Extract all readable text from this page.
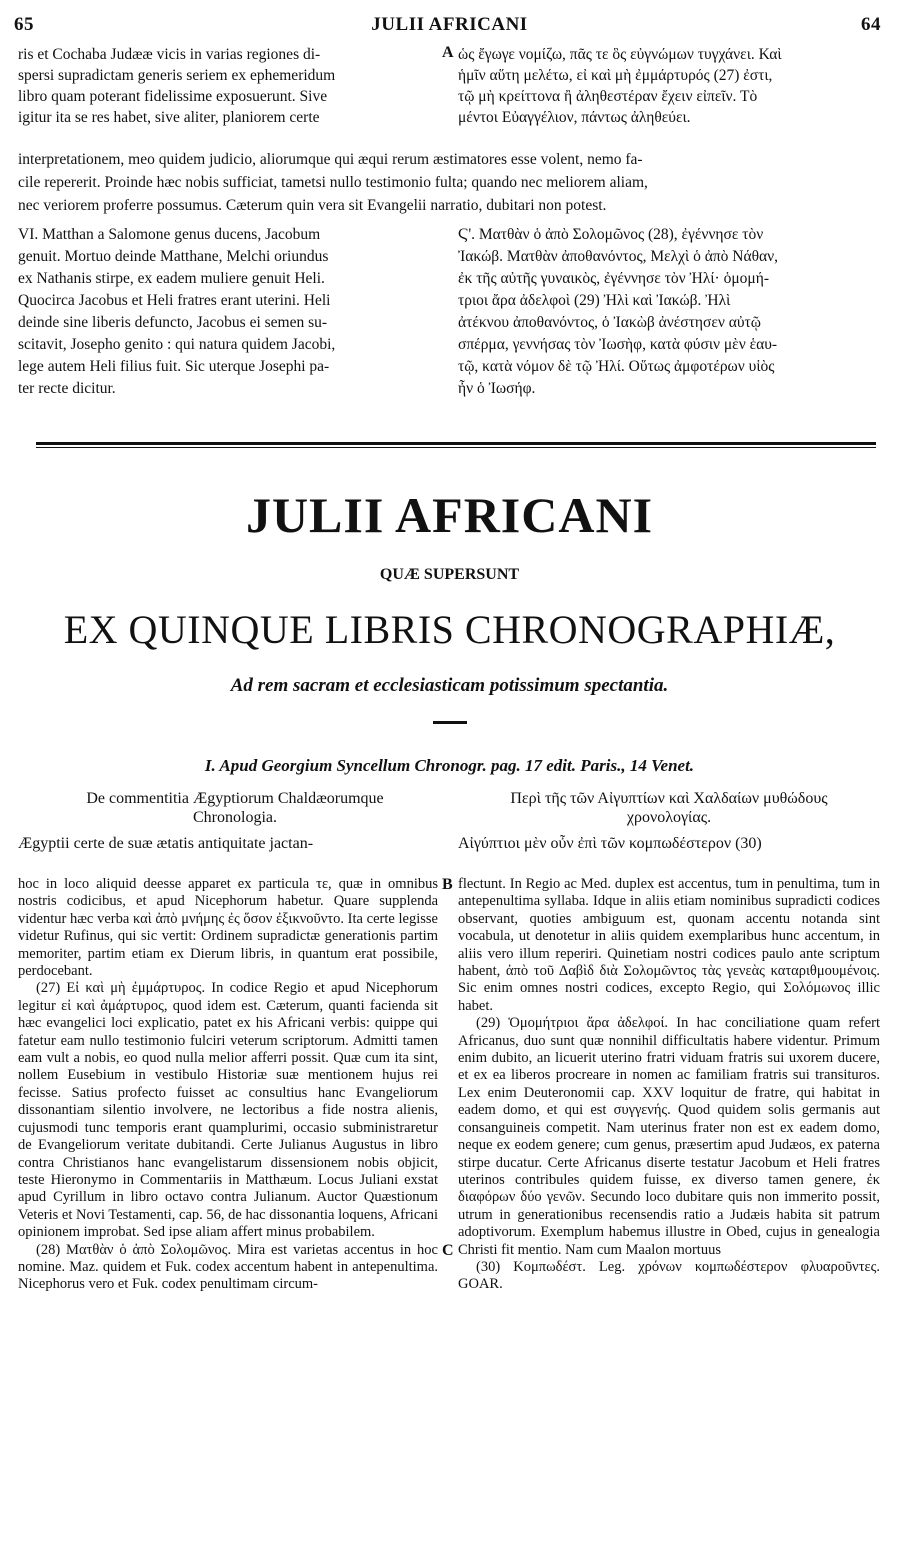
65	JULII AFRICANI	64
ris et Cochaba Judææ vicis in varias regiones di-
spersi supradictam generis seriem ex ephemeridum
libro quam poterant fidelissime exposuerunt. Sive
igitur ita se res habet, sive aliter, planiorem certe
A ὡς ἔγωγε νομίζω, πᾶς τε ὃς εὐγνώμων τυγχάνει. Καὶ
ἡμῖν αὕτη μελέτω, εἰ καὶ μὴ ἐμμάρτυρός (27) ἐστι,
τῷ μὴ κρείττονα ἢ ἀληθεστέραν ἔχειν εἰπεῖν. Τὸ
μέντοι Εὐαγγέλιον, πάντως ἀληθεύει.
interpretationem, meo quidem judicio, aliorumque qui æqui rerum æstimatores esse volent, nemo fa-
cile repererit. Proinde hæc nobis sufficiat, tametsi nullo testimonio fulta; quando nec meliorem aliam,
nec veriorem proferre possumus. Cæterum quin vera sit Evangelii narratio, dubitari non potest.
VI. Matthan a Salomone genus ducens, Jacobum
genuit. Mortuo deinde Matthane, Melchi oriundus
ex Nathanis stirpe, ex eadem muliere genuit Heli.
Quocirca Jacobus et Heli fratres erant uterini. Heli
deinde sine liberis defuncto, Jacobus ei semen su-
scitavit, Josepho genito : qui natura quidem Jacobi,
lege autem Heli filius fuit. Sic uterque Josephi pa-
ter recte dicitur.
Ϛ'. Ματθὰν ὁ ἀπὸ Σολομῶνος (28), ἐγέννησε τὸν
Ἰακώβ. Ματθὰν ἀποθανόντος, Μελχὶ ὁ ἀπὸ Νάθαν,
ἐκ τῆς αὐτῆς γυναικὸς, ἐγέννησε τὸν Ἠλί· ὁμομή-
τριοι ἄρα ἀδελφοὶ (29) Ἠλὶ καὶ Ἰακώβ. Ἠλὶ
ἀτέκνου ἀποθανόντος, ὁ Ἰακὼβ ἀνέστησεν αὐτῷ
σπέρμα, γεννήσας τὸν Ἰωσὴφ, κατὰ φύσιν μὲν ἑαυ-
τῷ, κατὰ νόμον δὲ τῷ Ἠλί. Οὕτως ἀμφοτέρων υἱὸς
ἦν ὁ Ἰωσήφ.
JULII AFRICANI
QUÆ SUPERSUNT
EX QUINQUE LIBRIS CHRONOGRAPHIÆ,
Ad rem sacram et ecclesiasticam potissimum spectantia.
I. Apud Georgium Syncellum Chronogr. pag. 17 edit. Paris., 14 Venet.
De commentitia Ægyptiorum Chaldæorumque
Chronologia.
Περὶ τῆς τῶν Αἰγυπτίων καὶ Χαλδαίων μυθώδους
χρονολογίας.
Ægyptii certe de suæ ætatis antiquitate jactan-	Αἰγύπτιοι μὲν οὖν ἐπὶ τῶν κομπωδέστερον (30)
B
C

hoc in loco aliquid deesse apparet ex particula τε, quæ in omnibus nostris codicibus, et apud Nicephorum habetur. Quare supplenda videntur hæc verba καὶ ἀπὸ μνήμης ἐς ὅσον ἐξικνοῦντο. Ita certe legisse videtur Rufinus, qui sic vertit: Ordinem supradictæ generationis partim memoriter, partim etiam ex Dierum libris, in quantum erat possibile, perdocebant.

(27) Εἰ καὶ μὴ ἐμμάρτυρος. In codice Regio et apud Nicephorum legitur εἰ καὶ ἀμάρτυρος, quod idem est. Cæterum, quanti facienda sit hæc evangelici loci explicatio, patet ex his Africani verbis: quippe qui fatetur eam nullo testimonio fulciri veterum scriptorum. Admitti tamen eam vult a nobis, eo quod nulla melior afferri possit. Quæ cum ita sint, nollem Eusebium in vestibulo Historiæ suæ mentionem hujus rei fecisse. Satius profecto fuisset ac consultius hanc Evangeliorum dissonantiam silentio involvere, ne lectoribus a fide nostra alienis, cujusmodi tunc temporis erant quamplurimi, occasio subministraretur de Evangeliorum veritate dubitandi. Certe Julianus Augustus in libro contra Christianos hanc evangelistarum dissensionem nobis objicit, teste Hieronymo in Commentariis in Matthæum. Locus Juliani exstat apud Cyrillum in libro octavo contra Julianum. Auctor Quæstionum Veteris et Novi Testamenti, cap. 56, de hac dissonantia loquens, Africani opinionem improbat. Sed ipse aliam affert minus probabilem.

(28) Ματθὰν ὁ ἀπὸ Σολομῶνος. Mira est varietas accentus in hoc nomine. Maz. quidem et Fuk. codex accentum habent in antepenultima. Nicephorus vero et Fuk. codex penultimam circum-

flectunt. In Regio ac Med. duplex est accentus, tum in penultima, tum in antepenultima syllaba. Idque in aliis etiam nominibus supradicti codices observant, quoties ambiguum est, quonam accentu notanda sint vocabula, ut denotetur in aliis quidem exemplaribus hunc accentum, in aliis vero illum reperiri. Quinetiam nostri codices paulo ante scriptum habent, ἀπὸ τοῦ Δαβὶδ διὰ Σολομῶντος τὰς γενεὰς καταριθμουμένοις. Sic enim omnes nostri codices, excepto Regio, qui Σολόμωνος illic habet.

(29) Ὁμομήτριοι ἄρα ἀδελφοί. In hac conciliatione quam refert Africanus, duo sunt quæ nonnihil difficultatis habere videntur. Primum enim dubito, an licuerit uterino fratri viduam fratris sui uxorem ducere, et ex ea liberos procreare in nomen ac familiam fratris sui transituros. Lex enim Deuteronomii cap. XXV loquitur de fratre, qui habitat in eadem domo, et qui est συγγενής. Quod quidem solis germanis aut consanguineis competit. Nam uterinus frater non est ex eadem domo, neque ex eodem genere; cum genus, præsertim apud Judæos, ex paterna stirpe ducatur. Certe Africanus diserte testatur Jacobum et Heli fratres uterinos contribules quidem fuisse, ex diverso tamen genere, ἐκ διαφόρων δύο γενῶν. Secundo loco dubitare quis non immerito possit, utrum in generationibus recensendis ratio a Judæis habita sit patrum adoptivorum. Exemplum habemus illustre in Obed, cujus in genealogia Christi fit mentio. Nam cum Maalon mortuus

(30) Κομπωδέστ. Leg. χρόνων κομπωδέστερον φλυαροῦντες. GOAR.
